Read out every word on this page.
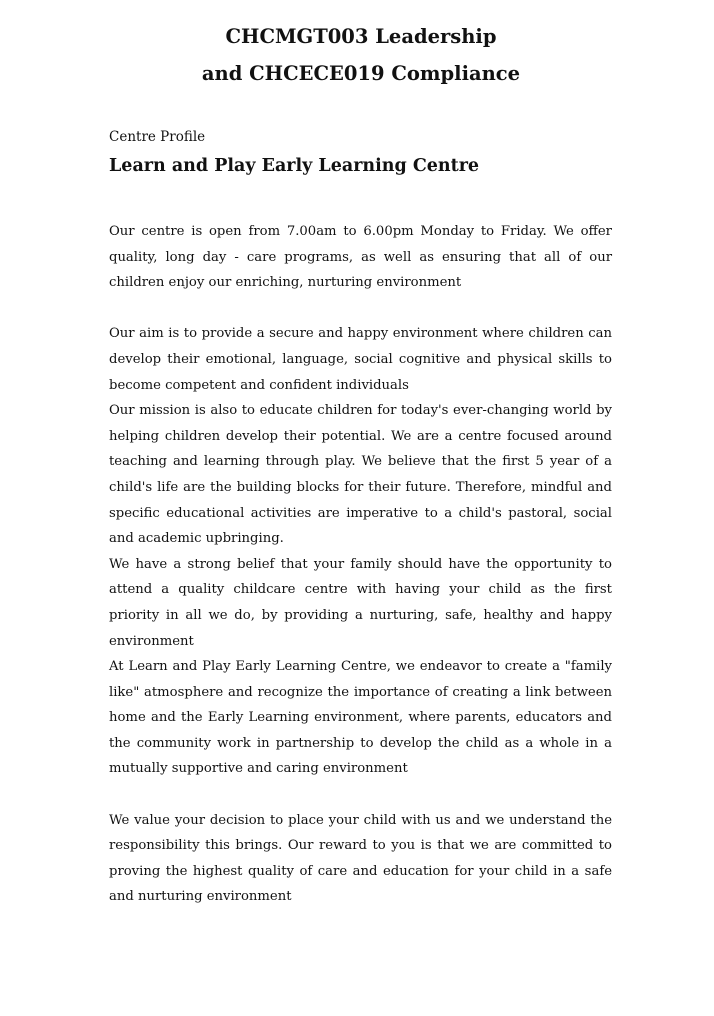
CHCMGT003 Leadership
and CHCECE019 Compliance

Centre Profile

Learn and Play Early Learning Centre

Our centre is open from 7.00am to 6.00pm Monday to Friday. We offer quality, long day - care programs, as well as ensuring that all of our children enjoy our enriching, nurturing environment

Our aim is to provide a secure and happy environment where children can develop their emotional, language, social cognitive and physical skills to become competent and confident individuals

Our mission is also to educate children for today's ever-changing world by helping children develop their potential. We are a centre focused around teaching and learning through play. We believe that the first 5 year of a child's life are the building blocks for their future. Therefore, mindful and specific educational activities are imperative to a child's pastoral, social and academic upbringing.

We have a strong belief that your family should have the opportunity to attend a quality childcare centre with having your child as the first priority in all we do, by providing a nurturing, safe, healthy and happy environment

At Learn and Play Early Learning Centre, we endeavor to create a "family like" atmosphere and recognize the importance of creating a link between home and the Early Learning environment, where parents, educators and the community work in partnership to develop the child as a whole in a mutually supportive and caring environment

We value your decision to place your child with us and we understand the responsibility this brings. Our reward to you is that we are committed to proving the highest quality of care and education for your child in a safe and nurturing environment
